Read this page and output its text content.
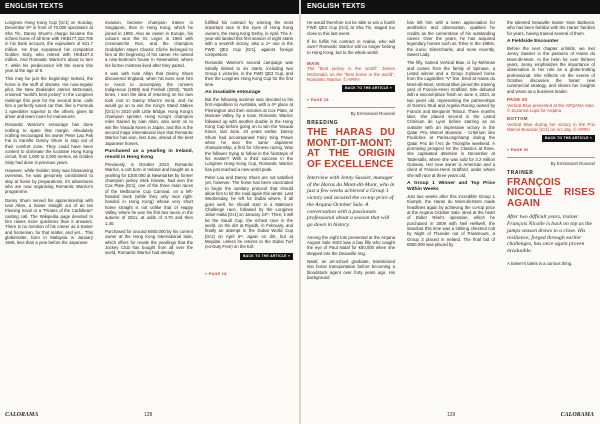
ENGLISH TEXTS

Longines Hong Kong Cup [Gr1] on Sunday, December 8ᵗʰ in front of 70,000 spectators at Sha Tin, Danny Shum's charge became the richest horse of all time with HK$177,322,706 in his bank account, the equivalent of €21.7 million. He thus surpassed his compatriot Golden Sixty, who retired with HK$167.2 million. And Romantic Warrior's about to turn 7, while his predecessor left the scene this year at the age of 8.

This may be just the beginning! Indeed, the horse is the stuff of dreams. His now-regular pilot, the New Zealander James McDonald, crowned "world's best jockey" in the Longines rankings this year for the second time, calls him a perfectly tuned car that, like a Formula 1 speedster superior to the others, gives its driver and team room for manoeuvre.

Romantic Warrior's entourage has done nothing to spare that margin. Absolutely nothing encouraged his owner Peter Lau Pak Fai to transfer Danny Shum to stop out of their comfort zone. They could have been content to dominate the lucrative Hong Kong circuit, from 1,600 to 2,000 metres, as Golden Sixty had done in previous years.

However, while Golden Sixty was blossoming overseas, he was genuinely constrained to stay at home by preparations, it's adventures who are now organising Romantic Warrior's programme.

Danny Shum served his apprenticeship with Ivan Allan, a trainer straight out of an Ian Fleming novel or a "Pirates of the Caribbean" casting call. The Wikipedia page devoted to him raises more questions than it answers. There is no mention of his career as a trainer and horseman, for that matter, and yet... This globetrotter, born in Malaysia in January 1946, less than a year before the Japanese

invasion, became champion trainer in Singapore, then in Hong Kong, which he joined in 1992. Also an owner in Europe, his colours won the St. Leger in 1984 with Commanche Run, and the champion Godolphin stayer Classic Cliche belonged to him at the beginning of his career. He owned a nine-bedroom house in Newmarket, where his former mistress lived after they parted.

It was with Ivan Allan that Danny Shum discovered England, when his boss sent him to Ascot to accompany the runners Indigenous (1999) and Firebolt (2003). "Both times, I won the idea of returning on his own took root in Danny Shum's mind, and he would go on to win the King's Stand Stakes [Gr1] in 2010 with Little Bridge. Hong Kong's champion sprinter, Hong Kong's champion miler trained by Ivan Allan, also went on to win the Yasuda Kinen in Japan, and this is the second major international race that Romantic Warrior has won, last June, ahead of the best Japanese horses.

Purchased as a yearling in Ireland, resold in Hong Kong

Previously, in October 2023, Romantic Warrior, a colt born in Ireland and bought as a yearling for £300,000 at Newmarket by former champion jockey Mick Kinane, had won the Cox Plate [Gr1], one of the three main races of the Melbourne Cup Carnival, on a left-handed track (while they only race right-handed in Hong Kong) whose very short home straight is not unlike that of Happy Valley, where he won his first two races, in the autumn of 2021, at odds of 3.70 and then 1.40.

Purchased for around €500,000 by his current owner at the Hong Kong International Sale, which offers for resale the yearlings that the Jockey Club has bought from all over the world, Romantic Warrior had already

fulfilled his contract by winning the most important race in the eyes of Hong Kong owners, the Hong Kong Derby, in April. The 4-year-old landed this first season of eight starts with a seventh victory, also a 1ˢᵗ one in the FWD QE2 Cup [Gr1], against foreign competitors.

Romantic Warrior's second campaign was initially limited to six starts, including two Group 1 victories, in the FWD QE2 Cup, and then the Longines Hong Kong Cup for the first time.

An insatiable entourage

But the following summer was devoted to his first expedition to Australia, with a 4ᵗʰ place at Flemington and then victories at Cox Plate, at Moonee Valley, by a nose. Romantic Warrior followed up with another double in the Hong Kong Cup before going on to win the Yasuda Kinen, last June. 24 years earlier, Danny Shum had accompanied Fairy King Prawn when he won the same Japanese championship, a first for Chinese racing. Was the follower trying to follow in the footsteps of his master? With a third success in the Longines Hong Kong Cup, Romantic Warrior has just reached a new world peak.

Peter Lau and Danny Shum are not satisfied yet, however. The horse has been vaccinated to begin the sanitary protocol that should allow him to hit the road again this winter. Last Wednesday, he left for Dubai where, if all goes well, he should start in a Maktoum Challenge race, followed by the Longines Jebel Hatta [Gr1] on January 24ᵗʰ. Then, it will be the Saudi Cup, the richest race in the world, on the dirt at Riyadh, in February, and finally an attempt in the Dubai World Cup [Gr1] on April 5ᵗʰ, again on dirt, but at Meydan, unless he returns to the Dubai Turf (ex-Duty Free) on the turf.

BACK TO THE ARTICLE »
« PAGE 18
CALORAMA	128
ENGLISH TEXTS

He would therefore not be able to win a fourth FWD QE2 Cup [Gr1] at Sha Tin, staged too close to this last event.

If he fulfils his contract in Arabia, who will care? Romantic Warrior will no longer belong to Hong Kong, but to the whole world.

MAIN
The "best jockey in the world", James McDonald, on the "best horse in the world", Romantic Warrior. © APRH
BACK TO THE ARTICLE »
« PAGE 18
By Emmanuel Roussel
BREEDING
THE HARAS DU MONT-DIT-MONT: AT THE ORIGIN OF EXCELLENCE
Interview with Jenny Sassier, manager of the Haras du Mont-dit-Mont, who in just a few weeks achieved a Group 1 victory and secured the co-top price of the Arqana October Sale. A conversation with a passionate professional about a season that will go down in history.

Among the eight lots presented at the Arqana August Sale 2023 was a bay filly who caught the eye of Paul Nataf for €50,000 when she stepped into the Deauville ring.

Nataf, an art-school graduate, transitioned into horse transportation before becoming a bloodstock agent over forty years ago. His background

has left him with a keen appreciation for aesthetics and observation, qualities he credits as the cornerstone of his outstanding career. Over the years, he has acquired legendary horses such as Trêve in the 1980s, the iconic Sistercharlie, and more recently, Sweet Lady.

The filly, named Vertical Blue, is by Mehmas and comes from the family of Spinaxe, a Listed winner and a Group 3-placed horse from the Lagardère "V" line. Bred at Haras du Mont-dit-Mont, Vertical Blue joined the training yard of Francis-Henri Graffard. She debuted with a second-place finish on June 4, 2024, at two years old, representing the partnerships of Gemini Stud and Argelia Racing owned by Francis and Benjamin Teboul. Three months later, she placed second in the Listed Critérium de Lyon before starring as an outsider with an impressive victory in the Qatar Prix Marcel Boussac - Critérium des Pouliches at ParisLongchamp during the Qatar Prix de l'Arc de Triomphe weekend. A promising prospect for the Classics at three, she captivated attention in December at Tattersalls, where she was sold for 3.2 million Guineas. Her new owner is American and a client of Francis-Henri Graffard, under whom she will race at three years old.

A Group 1 Winner and Top Price Within Weeks

Just two weeks after this incredible Group 1 triumph, the Haras du Mont-dit-Mont made headlines again by achieving the co-top price at the Arqana October Sale. Bred at the heart of Didier Réel's operation, which he purchased in 2009 with Neil Hellwell, the standout this time was a striking chestnut colt by Night of Thunder out of Paramount, a Group 3 placed in Ireland. The final bid of €500,000 was placed by

the talented Deauville trainer Yann Barberot, who has been familiar with the Haras' families for years, having trained several of them.

A Fieldside Encounter

Before the next chapter unfolds, we met Jenny Sassier in the pastures of Haras du Mont-dit-Mont. At the helm for over thirteen years, Jenny emphasizes the importance of observation in her role as a globe-trotting professional. She reflects on the events of October, discusses the haras' new commercial strategy, and shares her insights and vision as a business leader.

PAGE 20
Vertical Blue presented at the ARQANA Sale. © Zuzanna Lupa for Arqana
BOTTOM
Vertical Blue during her victory in the Prix Marcel Boussac [Gr1] on Arc day. © APRH
BACK TO THE ARTICLE »
« PAGE 52
By Emmanuel Roussel
TRAINER
FRANÇOIS NICOLLE RISES AGAIN
After two difficult years, trainer François Nicolle is back on top as the jumps season draws to a close. His resilience, forged through earlier challenges, has once again proven invaluable.

A trainer's talent is a curious thing.

129	CALORAMA
